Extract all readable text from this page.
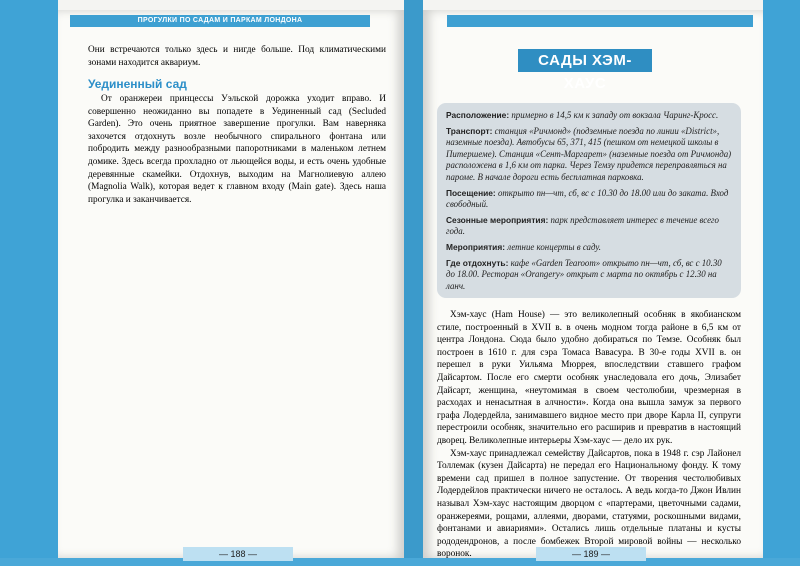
ПРОГУЛКИ ПО САДАМ И ПАРКАМ ЛОНДОНА

Они встречаются только здесь и нигде больше. Под климатическими зонами находится аквариум.

Уединенный сад

От оранжереи принцессы Уэльской дорожка уходит вправо. И совершенно неожиданно вы попадете в Уединенный сад (Secluded Garden). Это очень приятное завершение прогулки. Вам наверняка захочется отдохнуть возле необычного спирального фонтана или побродить между разнообразными папоротниками в маленьком летнем домике. Здесь всегда прохладно от льющейся воды, и есть очень удобные деревянные скамейки. Отдохнув, выходим на Магнолиевую аллею (Magnolia Walk), которая ведет к главном входу (Main gate). Здесь наша прогулка и заканчивается.

САДЫ ХЭМ-ХАУС
Расположение: примерно в 14,5 км к западу от вокзала Чаринг-Кросс.
Транспорт: станция «Ричмонд» (подземные поезда по линии «District», наземные поезда). Автобусы 65, 371, 415 (пешком от немецкой школы в Питершеме). Станция «Сент-Маргарет» (наземные поезда от Ричмонда) расположена в 1,6 км от парка. Через Темзу придется переправляться на пароме. В начале дороги есть бесплатная парковка.
Посещение: открыто пн—чт, сб, вс с 10.30 до 18.00 или до заката. Вход свободный.
Сезонные мероприятия: парк представляет интерес в течение всего года.
Мероприятия: летние концерты в саду.
Где отдохнуть: кафе «Garden Tearoom» открыто пн—чт, сб, вс с 10.30 до 18.00. Ресторан «Orangery» открыт с марта по октябрь с 12.30 на ланч.

Хэм-хаус (Ham House) — это великолепный особняк в якобианском стиле, построенный в XVII в. в очень модном тогда районе в 6,5 км от центра Лондона. Сюда было удобно добираться по Темзе. Особняк был построен в 1610 г. для сэра Томаса Вавасура. В 30-е годы XVII в. он перешел в руки Уильяма Мюррея, впоследствии ставшего графом Дайсартом. После его смерти особняк унаследовала его дочь, Элизабет Дайсарт, женщина, «неутомимая в своем честолюбии, чрезмерная в расходах и ненасытная в алчности». Когда она вышла замуж за первого графа Лодердейла, занимавшего видное место при дворе Карла II, супруги перестроили особняк, значительно его расширив и превратив в настоящий дворец. Великолепные интерьеры Хэм-хаус — дело их рук.

Хэм-хаус принадлежал семейству Дайсартов, пока в 1948 г. сэр Лайонел Толлемак (кузен Дайсарта) не передал его Национальному фонду. К тому времени сад пришел в полное запустение. От творения честолюбивых Лодердейлов практически ничего не осталось. А ведь когда-то Джон Ивлин называл Хэм-хаус настоящим дворцом с «партерами, цветочными садами, оранжереями, рощами, аллеями, дворами, статуями, роскошными видами, фонтанами и авиариями». Остались лишь отдельные платаны и кусты рододендронов, а после бомбежек Второй мировой войны — несколько воронок.

— 188 —	— 189 —
